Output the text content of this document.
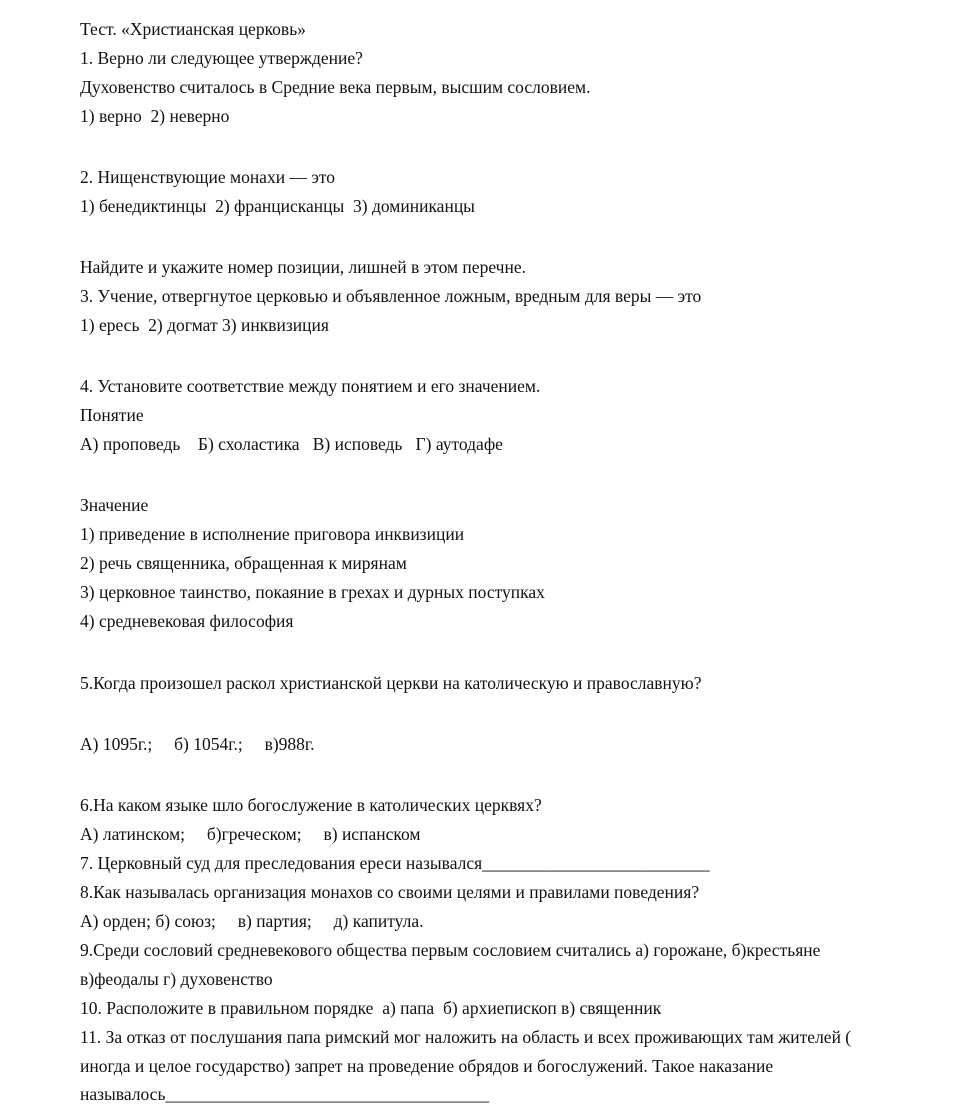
Тест. «Христианская церковь»
1. Верно ли следующее утверждение?
Духовенство считалось в Средние века первым, высшим сословием.
1) верно  2) неверно
2. Нищенствующие монахи — это
1) бенедиктинцы  2) францисканцы  3) доминиканцы
Найдите и укажите номер позиции, лишней в этом перечне.
3. Учение, отвергнутое церковью и объявленное ложным, вредным для веры — это
1) ересь  2) догмат 3) инквизиция
4. Установите соответствие между понятием и его значением.
Понятие
А) проповедь    Б) схоластика   В) исповедь   Г) аутодафе
Значение
1) приведение в исполнение приговора инквизиции
2) речь священника, обращенная к мирянам
3) церковное таинство, покаяние в грехах и дурных поступках
4) средневековая философия
5.Когда произошел раскол христианской церкви на католическую и православную?
А) 1095г.;     б) 1054г.;     в)988г.
6.На каком языке шло богослужение в католических церквях?
А) латинском;     б)греческом;     в) испанском
7. Церковный суд для преследования ереси назывался__________________________
8.Как называлась организация монахов со своими целями и правилами поведения?
А) орден; б) союз;     в) партия;     д) капитула.
9.Среди сословий средневекового общества первым сословием считались а) горожане, б)крестьяне
в)феодалы г) духовенство
10. Расположите в правильном порядке  а) папа  б) архиепископ в) священник
11. За отказ от послушания папа римский мог наложить на область и всех проживающих там жителей (
иногда и целое государство) запрет на проведение обрядов и богослужений. Такое наказание
называлось_____________________________________
